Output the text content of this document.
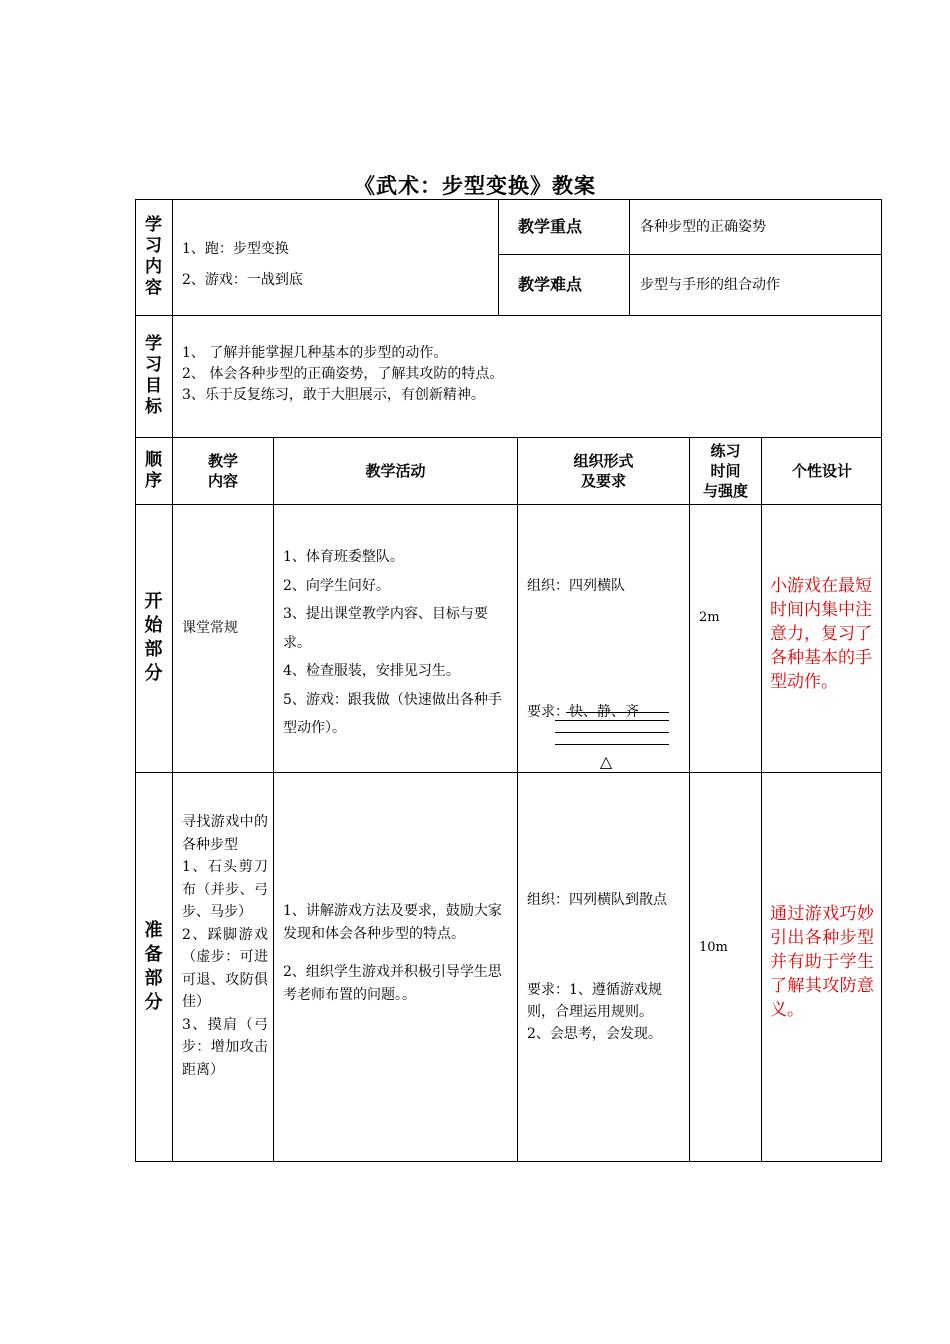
《武术：步型变换》教案
学
习
内
容
1、跑：步型变换
2、游戏：一战到底
教学重点	各种步型的正确姿势
教学难点	步型与手形的组合动作
学
习
目
标
1、 了解并能掌握几种基本的步型的动作。
2、 体会各种步型的正确姿势，了解其攻防的特点。
3、乐于反复练习，敢于大胆展示，有创新精神。
顺
序
教学
内容
教学活动
组织形式
及要求
练习
时间
与强度
个性设计
开
始
部
分
课堂常规
1、体育班委整队。
2、向学生问好。
3、提出课堂教学内容、目标与要求。
4、检查服装，安排见习生。
5、游戏：跟我做（快速做出各种手型动作）。
组织：四列横队
要求：快、静、齐
△
2m
小游戏在最短时间内集中注意力，复习了各种基本的手型动作。
准
备
部
分
寻找游戏中的各种步型
1、石头剪刀布（并步、弓步、马步）
2、踩脚游戏（虚步：可进可退、攻防俱佳）
3、摸肩（弓步：增加攻击距离）
1、讲解游戏方法及要求，鼓励大家发现和体会各种步型的特点。
2、组织学生游戏并积极引导学生思考老师布置的问题。。
组织：四列横队到散点
要求：1、遵循游戏规则，合理运用规则。
2、会思考，会发现。
10m
通过游戏巧妙引出各种步型并有助于学生了解其攻防意义。
